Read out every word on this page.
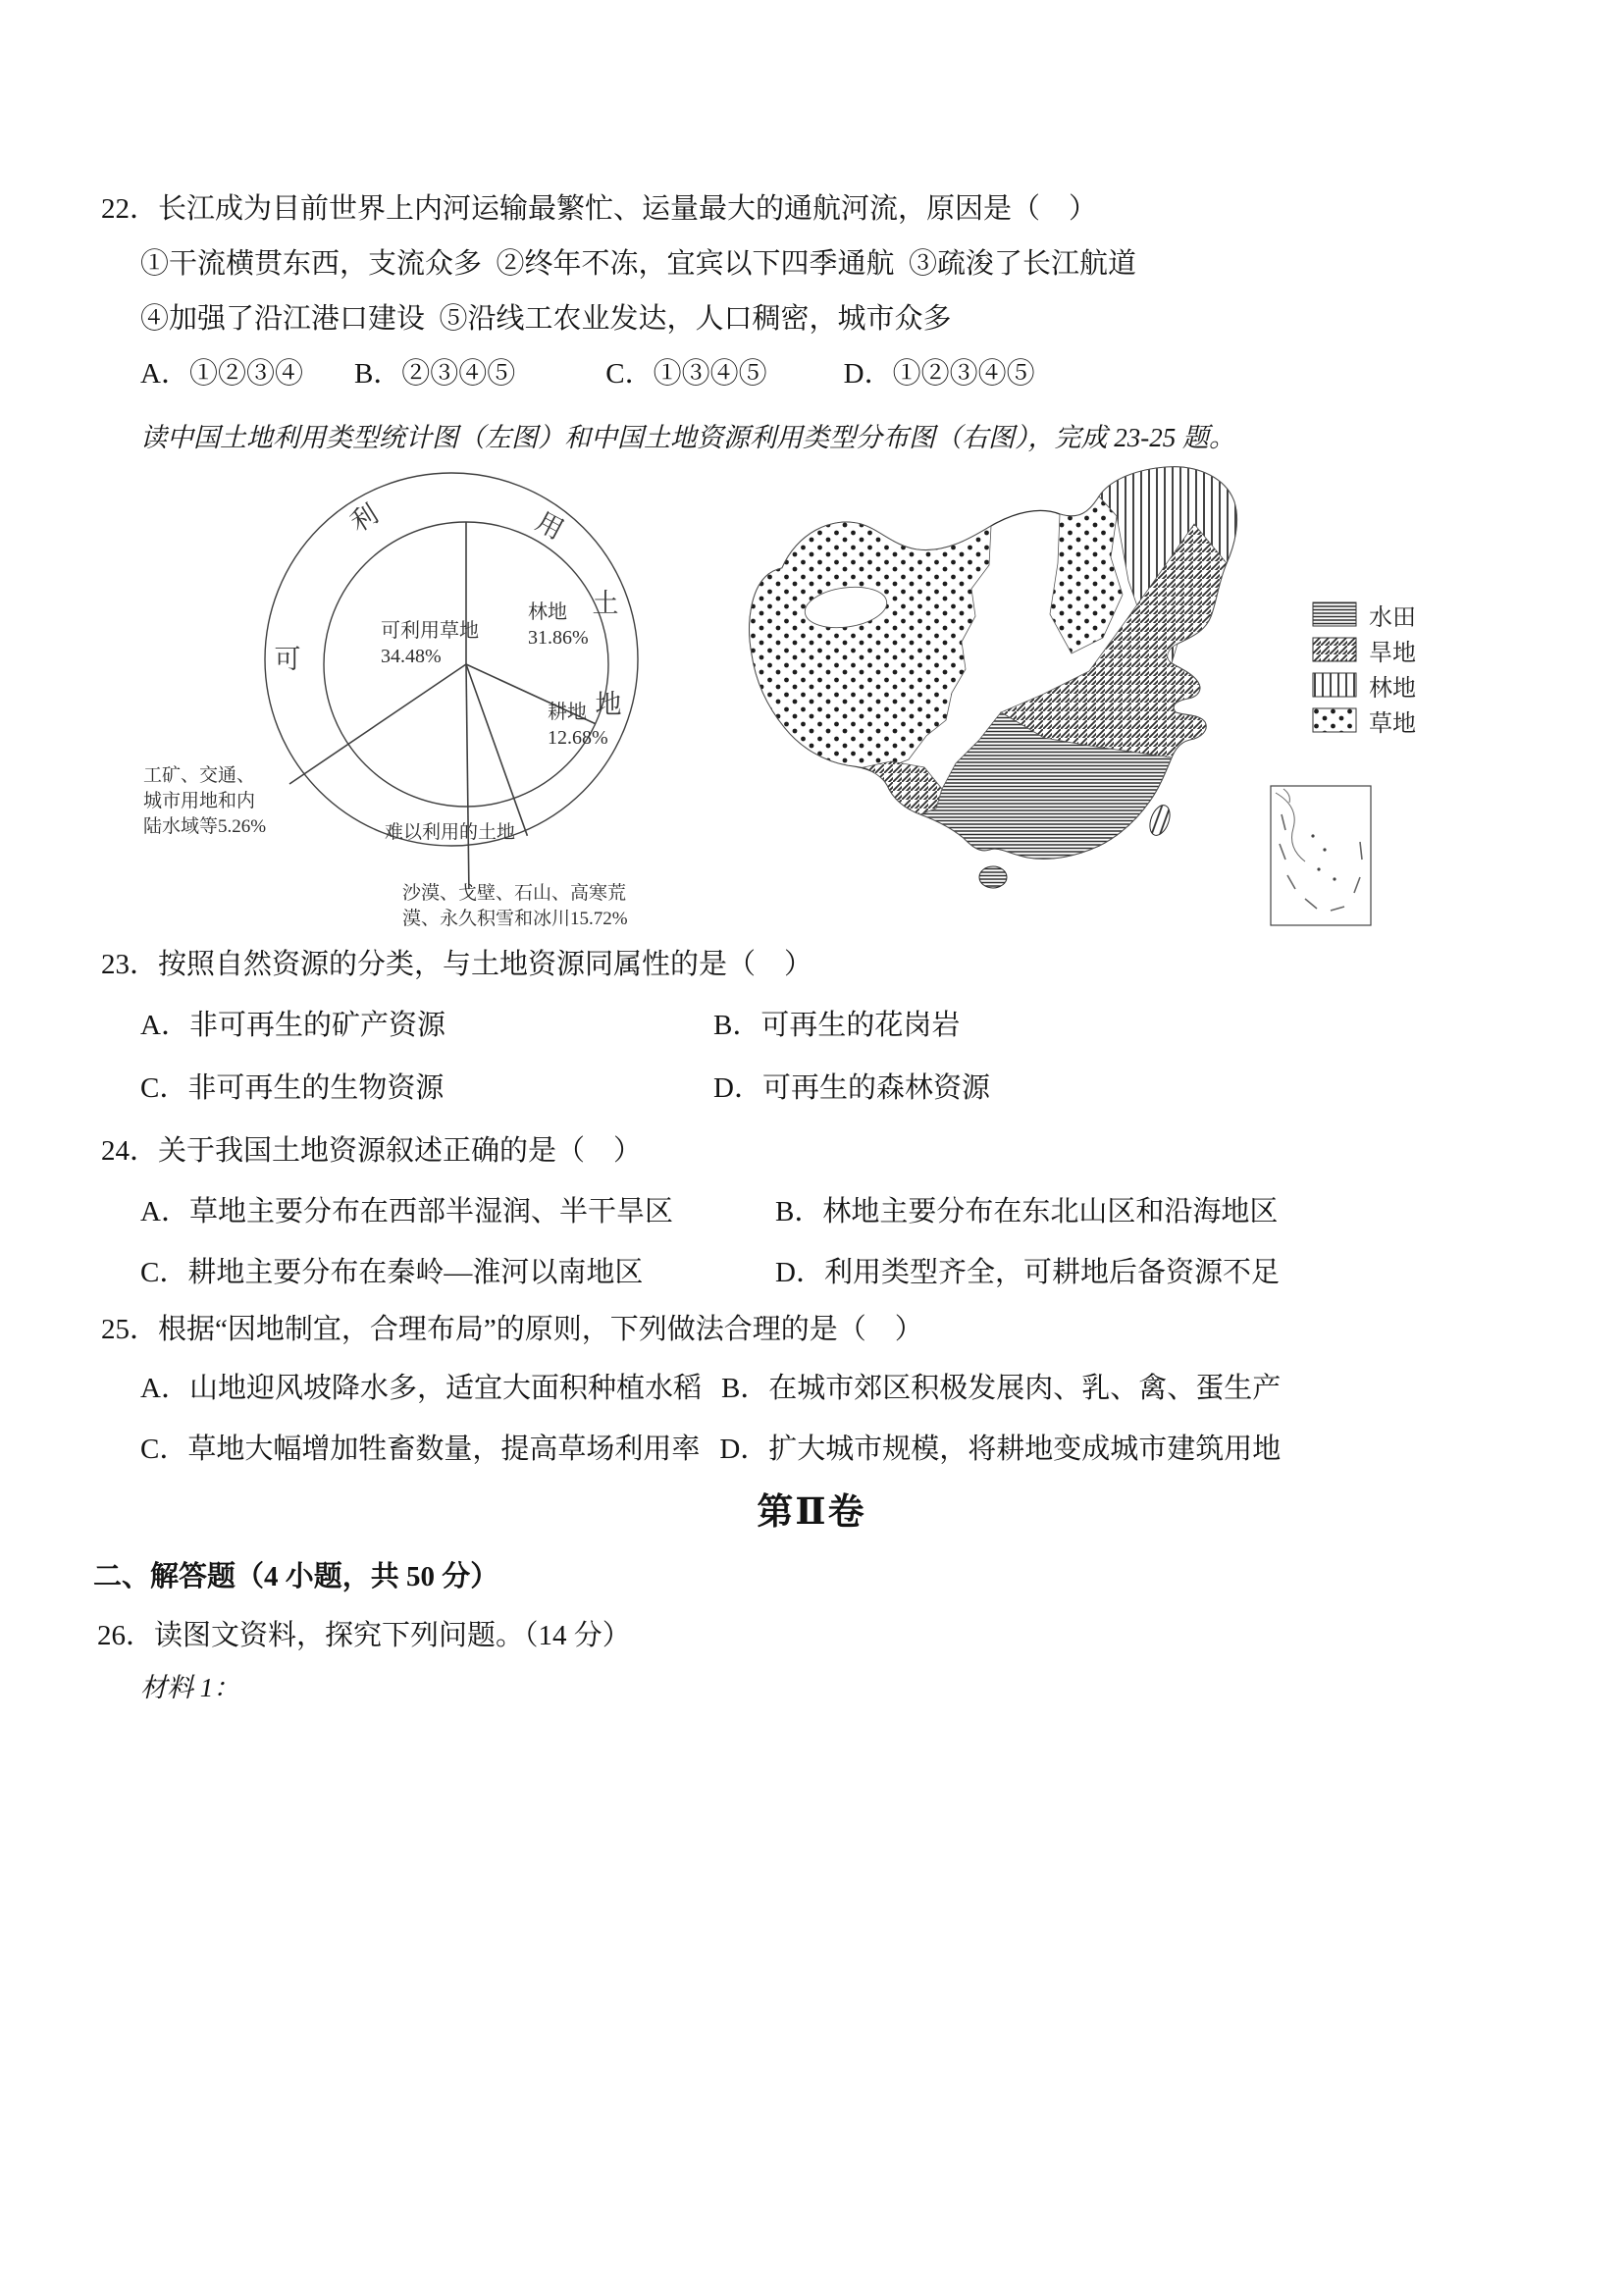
22．长江成为目前世界上内河运输最繁忙、运量最大的通航河流，原因是（    ）
①干流横贯东西，支流众多  ②终年不冻，宜宾以下四季通航  ③疏浚了长江航道
④加强了沿江港口建设  ⑤沿线工农业发达，人口稠密，城市众多
A．①②③④ B．②③④⑤	C．①③④⑤	D．①②③④⑤
读中国土地利用类型统计图（左图）和中国土地资源利用类型分布图（右图），完成 23-25 题。
可
利	用
土
地
林地
31.86%
耕地
12.68%
可利用草地
34.48%
工矿、交通、
城市用地和内
陆水域等5.26%	难以利用的土地
沙漠、戈壁、石山、高寒荒
漠、永久积雪和冰川15.72%
水田
旱地
林地
草地
23．按照自然资源的分类，与土地资源同属性的是（    ）

A．非可再生的矿产资源

	B．可再生的花岗岩

C．非可再生的生物资源

	D．可再生的森林资源

24．关于我国土地资源叙述正确的是（    ）

A．草地主要分布在西部半湿润、半干旱区

	B．林地主要分布在东北山区和沿海地区

C．耕地主要分布在秦岭—淮河以南地区

	D．利用类型齐全，可耕地后备资源不足

25．根据“因地制宜，合理布局”的原则，下列做法合理的是（    ）
A．山地迎风坡降水多，适宜大面积种植水稻 B．在城市郊区积极发展肉、乳、禽、蛋生产
C．草地大幅增加牲畜数量，提高草场利用率 D．扩大城市规模，将耕地变成城市建筑用地
第Ⅱ卷
二、解答题（4 小题，共 50 分）
26．读图文资料，探究下列问题。（14 分）
材料 1：
